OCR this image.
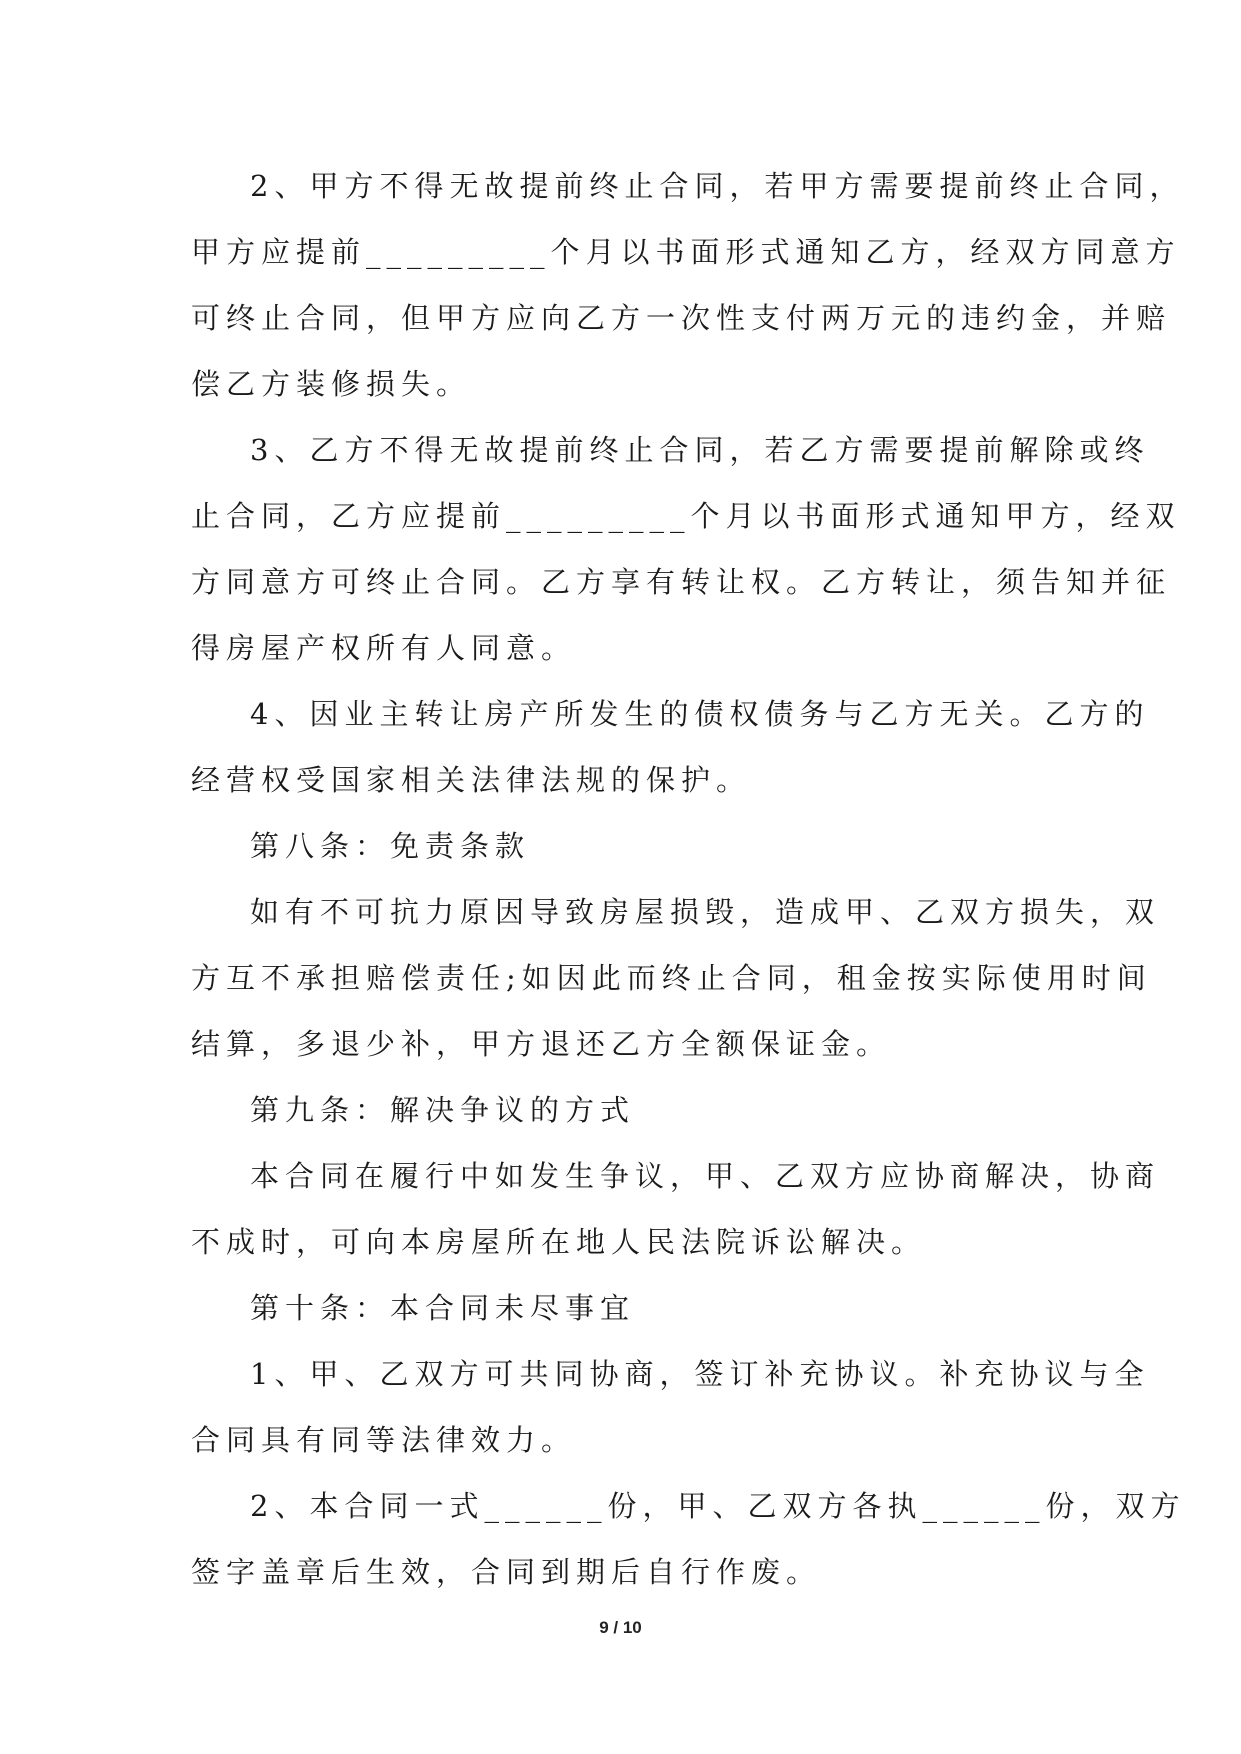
2、甲方不得无故提前终止合同，若甲方需要提前终止合同，
甲方应提前_________个月以书面形式通知乙方，经双方同意方
可终止合同，但甲方应向乙方一次性支付两万元的违约金，并赔
偿乙方装修损失。
3、乙方不得无故提前终止合同，若乙方需要提前解除或终
止合同，乙方应提前_________个月以书面形式通知甲方，经双
方同意方可终止合同。乙方享有转让权。乙方转让，须告知并征
得房屋产权所有人同意。
4、因业主转让房产所发生的债权债务与乙方无关。乙方的
经营权受国家相关法律法规的保护。
第八条：免责条款
如有不可抗力原因导致房屋损毁，造成甲、乙双方损失，双
方互不承担赔偿责任;如因此而终止合同，租金按实际使用时间
结算，多退少补，甲方退还乙方全额保证金。
第九条：解决争议的方式
本合同在履行中如发生争议，甲、乙双方应协商解决，协商
不成时，可向本房屋所在地人民法院诉讼解决。
第十条：本合同未尽事宜
1、甲、乙双方可共同协商，签订补充协议。补充协议与全
合同具有同等法律效力。
2、本合同一式______份，甲、乙双方各执______份，双方
签字盖章后生效，合同到期后自行作废。
9 / 10
